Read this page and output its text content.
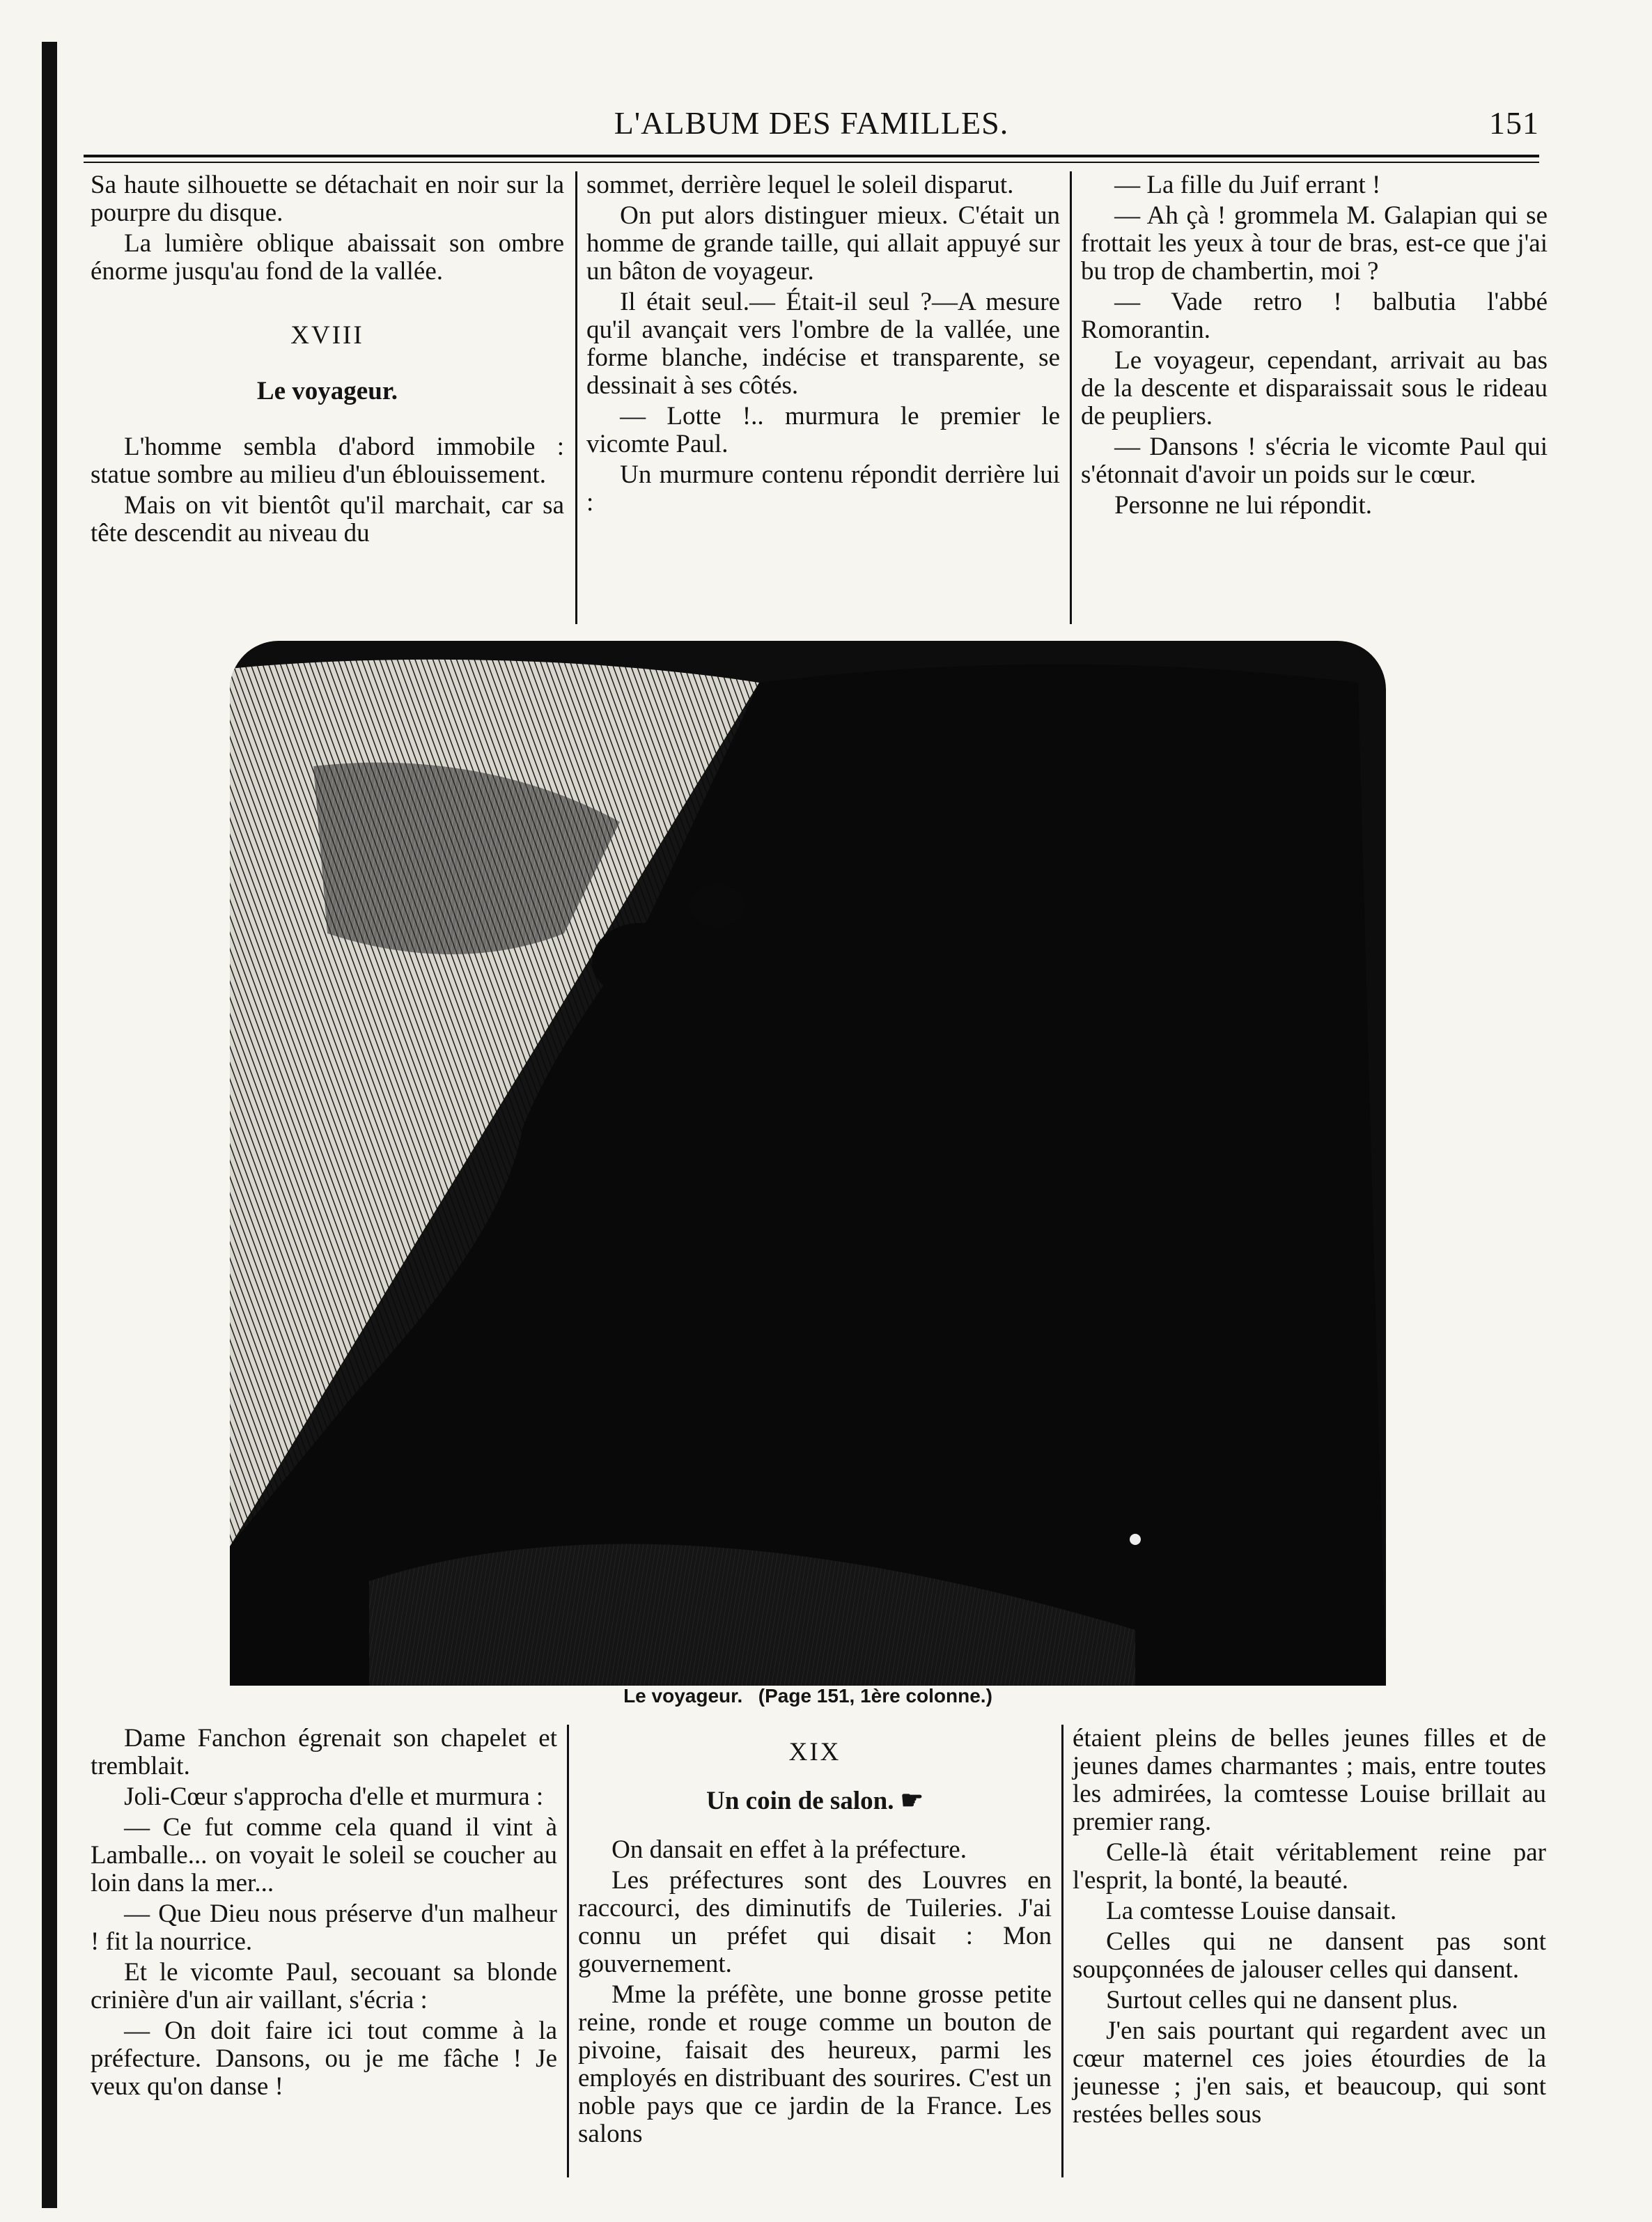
L'ALBUM DES FAMILLES.	151

Sa haute silhouette se détachait en noir sur la pourpre du disque.

La lumière oblique abaissait son ombre énorme jusqu'au fond de la vallée.

XVIII

Le voyageur.

L'homme sembla d'abord immobile : statue sombre au milieu d'un éblouissement.

Mais on vit bientôt qu'il marchait, car sa tête descendit au niveau du

sommet, derrière lequel le soleil disparut.

On put alors distinguer mieux. C'était un homme de grande taille, qui allait appuyé sur un bâton de voyageur.

Il était seul.— Était-il seul ?—A mesure qu'il avançait vers l'ombre de la vallée, une forme blanche, indécise et transparente, se dessinait à ses côtés.

— Lotte !.. murmura le premier le vicomte Paul.

Un murmure contenu répondit derrière lui :

— La fille du Juif errant !

— Ah çà ! grommela M. Galapian qui se frottait les yeux à tour de bras, est-ce que j'ai bu trop de chambertin, moi ?

— Vade retro ! balbutia l'abbé Romorantin.

Le voyageur, cependant, arrivait au bas de la descente et disparaissait sous le rideau de peupliers.

— Dansons ! s'écria le vicomte Paul qui s'étonnait d'avoir un poids sur le cœur.

Personne ne lui répondit.

Le voyageur. (Page 151, 1ère colonne.)

Dame Fanchon égrenait son chapelet et tremblait.

Joli-Cœur s'approcha d'elle et murmura :

— Ce fut comme cela quand il vint à Lamballe... on voyait le soleil se coucher au loin dans la mer...

— Que Dieu nous préserve d'un malheur ! fit la nourrice.

Et le vicomte Paul, secouant sa blonde crinière d'un air vaillant, s'écria :

— On doit faire ici tout comme à la préfecture. Dansons, ou je me fâche ! Je veux qu'on danse !

XIX

Un coin de salon. ☛

On dansait en effet à la préfecture.

Les préfectures sont des Louvres en raccourci, des diminutifs de Tuileries. J'ai connu un préfet qui disait : Mon gouvernement.

Mme la préfète, une bonne grosse petite reine, ronde et rouge comme un bouton de pivoine, faisait des heureux, parmi les employés en distribuant des sourires. C'est un noble pays que ce jardin de la France. Les salons

étaient pleins de belles jeunes filles et de jeunes dames charmantes ; mais, entre toutes les admirées, la comtesse Louise brillait au premier rang.

Celle-là était véritablement reine par l'esprit, la bonté, la beauté.

La comtesse Louise dansait.

Celles qui ne dansent pas sont soupçonnées de jalouser celles qui dansent.

Surtout celles qui ne dansent plus.

J'en sais pourtant qui regardent avec un cœur maternel ces joies étourdies de la jeunesse ; j'en sais, et beaucoup, qui sont restées belles sous
